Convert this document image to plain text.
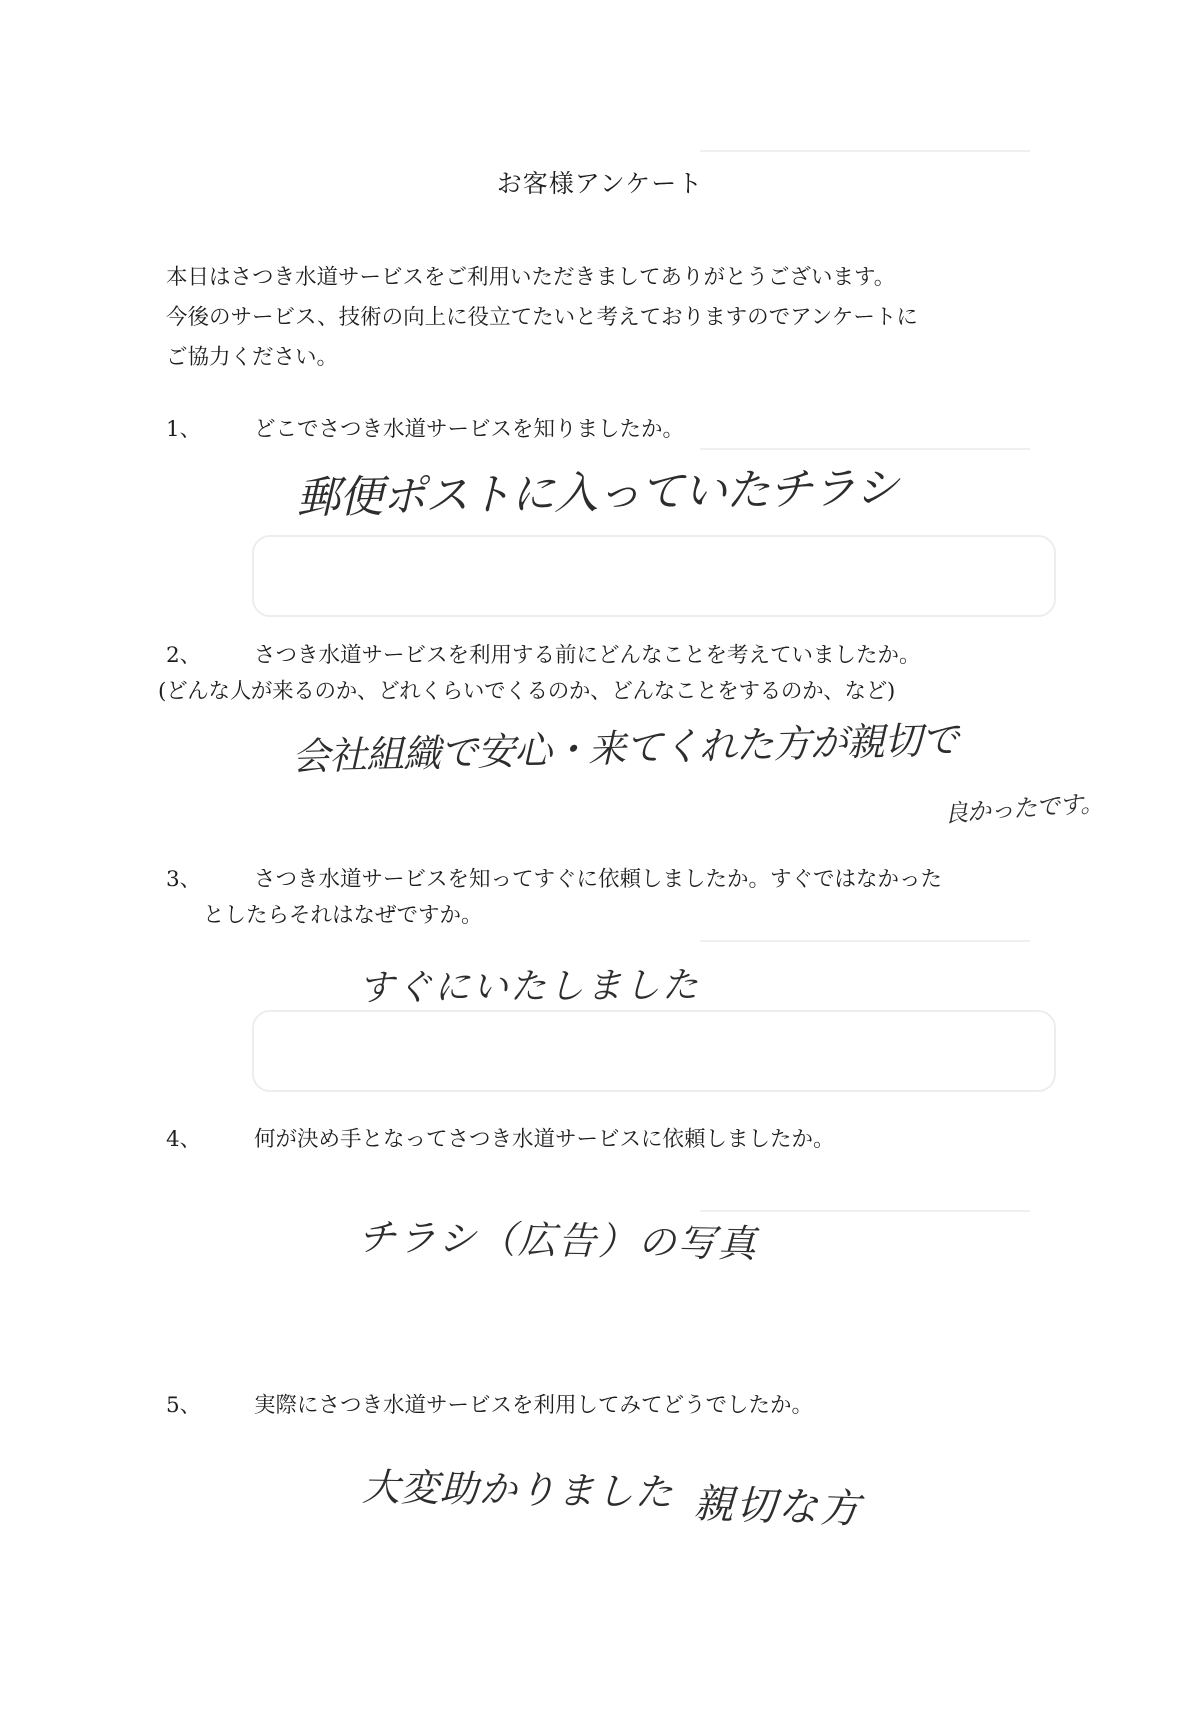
お客様アンケート
本日はさつき水道サービスをご利用いただきましてありがとうございます。
今後のサービス、技術の向上に役立てたいと考えておりますのでアンケートに
ご協力ください。
1、 どこでさつき水道サービスを知りましたか。
郵便ポストに入っていたチラシ
2、 さつき水道サービスを利用する前にどんなことを考えていましたか。
(どんな人が来るのか、どれくらいでくるのか、どんなことをするのか、など)
会社組織で安心・来てくれた方が親切で
良かったです。
3、 さつき水道サービスを知ってすぐに依頼しましたか。すぐではなかった
としたらそれはなぜですか。
すぐにいたしました
4、 何が決め手となってさつき水道サービスに依頼しましたか。
チラシ（広告）の写真
5、 実際にさつき水道サービスを利用してみてどうでしたか。
大変助かりました 親切な方
